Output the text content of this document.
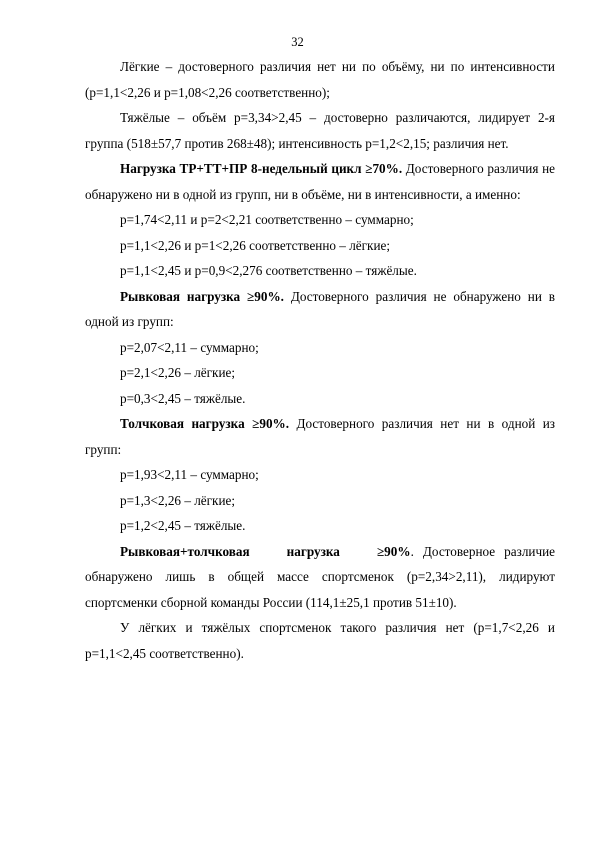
32

Лёгкие – достоверного различия нет ни по объёму, ни по интенсивности (р=1,1<2,26 и р=1,08<2,26 соответственно);

Тяжёлые – объём р=3,34>2,45 – достоверно различаются, лидирует 2-я группа (518±57,7 против 268±48); интенсивность р=1,2<2,15; различия нет.

Нагрузка ТР+ТТ+ПР 8-недельный цикл ≥70%. Достоверного различия не обнаружено ни в одной из групп, ни в объёме, ни в интенсивности, а именно:

р=1,74<2,11 и р=2<2,21 соответственно – суммарно;

р=1,1<2,26 и р=1<2,26 соответственно – лёгкие;

р=1,1<2,45 и р=0,9<2,276 соответственно – тяжёлые.

Рывковая нагрузка ≥90%. Достоверного различия не обнаружено ни в одной из групп:

р=2,07<2,11 – суммарно;

р=2,1<2,26 – лёгкие;

р=0,3<2,45 – тяжёлые.

Толчковая нагрузка ≥90%. Достоверного различия нет ни в одной из групп:

р=1,93<2,11 – суммарно;

р=1,3<2,26 – лёгкие;

р=1,2<2,45 – тяжёлые.

Рывковая+толчковая нагрузка ≥90%. Достоверное различие обнаружено лишь в общей массе спортсменок (р=2,34>2,11), лидируют спортсменки сборной команды России (114,1±25,1 против 51±10).

У лёгких и тяжёлых спортсменок такого различия нет (р=1,7<2,26 и р=1,1<2,45 соответственно).
